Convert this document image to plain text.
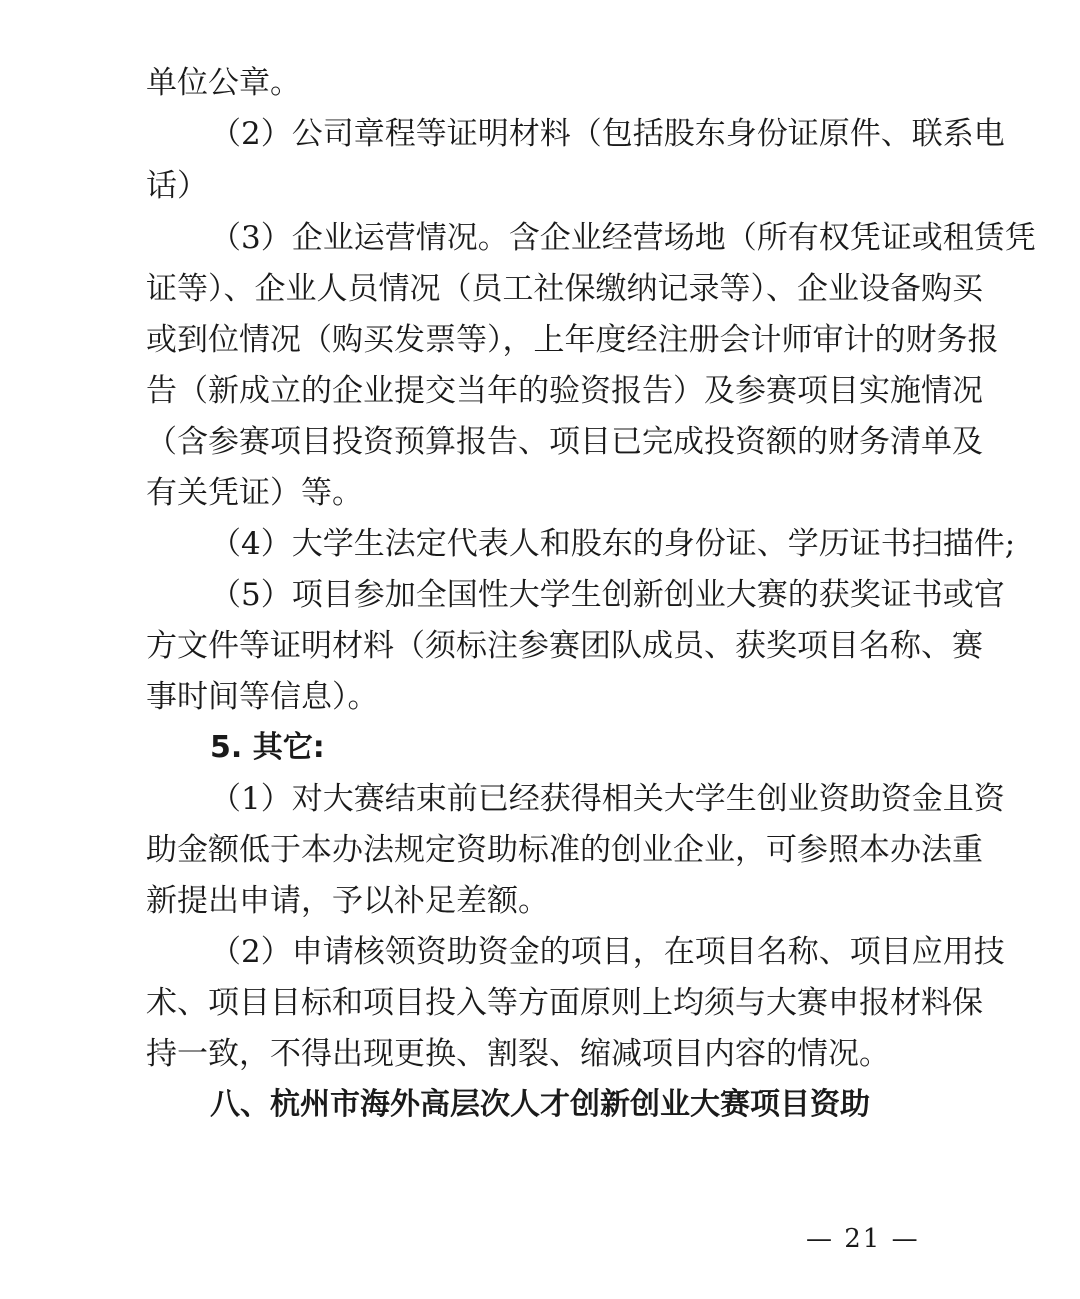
单位公章。
（2）公司章程等证明材料（包括股东身份证原件、联系电
话）
（3）企业运营情况。含企业经营场地（所有权凭证或租赁凭
证等）、企业人员情况（员工社保缴纳记录等）、企业设备购买
或到位情况（购买发票等），上年度经注册会计师审计的财务报
告（新成立的企业提交当年的验资报告）及参赛项目实施情况
（含参赛项目投资预算报告、项目已完成投资额的财务清单及
有关凭证）等。
（4）大学生法定代表人和股东的身份证、学历证书扫描件;
（5）项目参加全国性大学生创新创业大赛的获奖证书或官
方文件等证明材料（须标注参赛团队成员、获奖项目名称、赛
事时间等信息）。
5. 其它:
（1）对大赛结束前已经获得相关大学生创业资助资金且资
助金额低于本办法规定资助标准的创业企业，可参照本办法重
新提出申请，予以补足差额。
（2）申请核领资助资金的项目，在项目名称、项目应用技
术、项目目标和项目投入等方面原则上均须与大赛申报材料保
持一致，不得出现更换、割裂、缩减项目内容的情况。
八、杭州市海外高层次人才创新创业大赛项目资助
— 21 —
